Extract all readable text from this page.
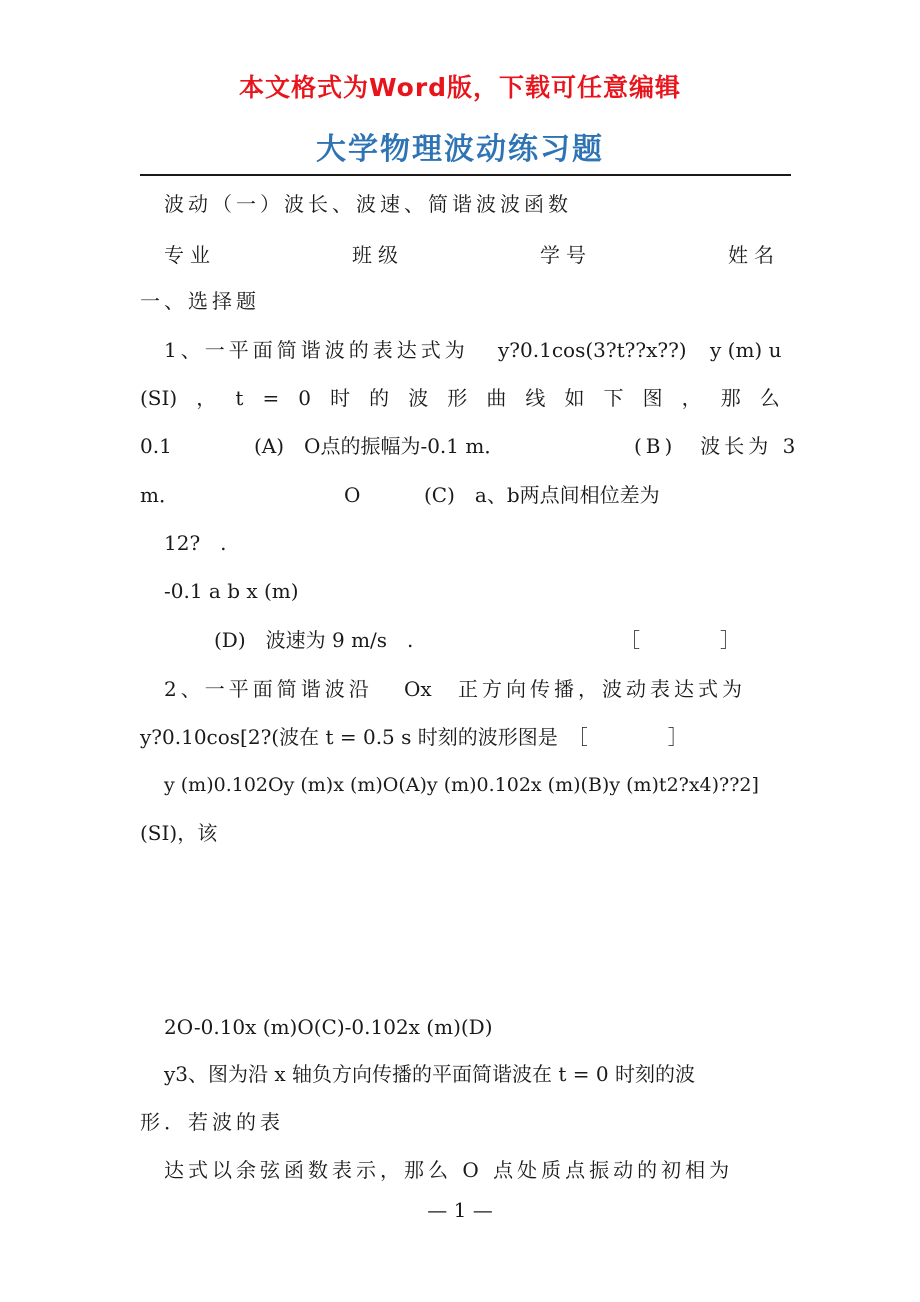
本文格式为Word版，下载可任意编辑
大学物理波动练习题
波动（一）波长、波速、简谐波波函数
专业	班级	学号	姓名
一、选择题
1、一平面简谐波的表达式为 y?0.1cos(3?t??x??) y (m) u
(SI) ， t = 0 时 的 波 形 曲 线 如 下 图 ， 那 么
0.1	(A)　O点的振幅为-0.1 m．	(B)　波长为 3
m．	O	(C)　a、b两点间相位差为
12?　.
-0.1 a b x (m)
(D)　波速为 9 m/s　.	［　　　　］
2、一平面简谐波沿 Ox 正方向传播，波动表达式为
y?0.10cos[2?(波在 t = 0.5 s 时刻的波形图是　［　　　　］
y (m)0.102Oy (m)x (m)O(A)y (m)0.102x (m)(B)y (m)t2?x4)??2]
(SI)，该
2O-0.10x (m)O(C)-0.102x (m)(D)
y3、图为沿 x 轴负方向传播的平面简谐波在 t = 0 时刻的波
形．若波的表
达式以余弦函数表示，那么 O 点处质点振动的初相为
— 1 —
